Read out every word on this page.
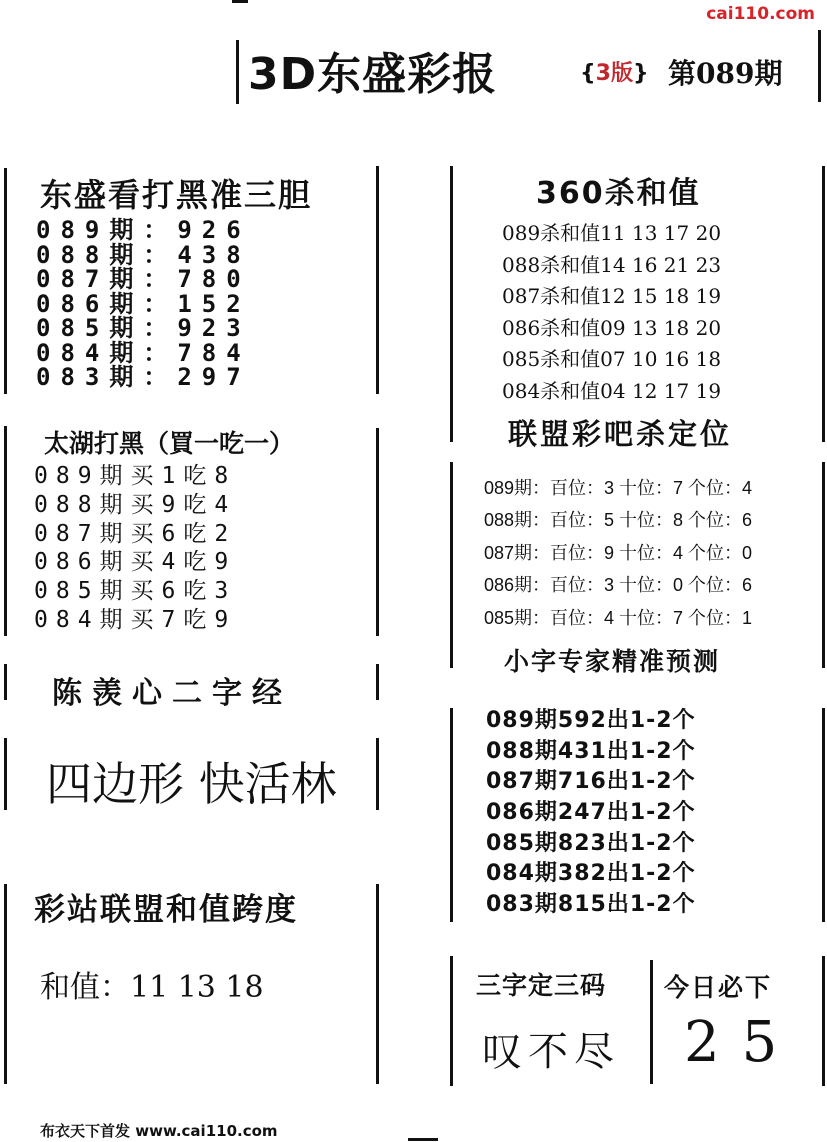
3D东盛彩报	{3版} 第089期
cai110.com
东盛看打黑准三胆
089期：926
088期：438
087期：780
086期：152
085期：923
084期：784
083期：297
太湖打黑（買一吃一）
089期买1吃8
088期买9吃4
087期买6吃2
086期买4吃9
085期买6吃3
084期买7吃9
陈羡心二字经
四边形 快活林
彩站联盟和值跨度
和值：11 13 18
布衣天下首发 www.cai110.com
360杀和值
089杀和值11 13 17 20
088杀和值14 16 21 23
087杀和值12 15 18 19
086杀和值09 13 18 20
085杀和值07 10 16 18
084杀和值04 12 17 19
联盟彩吧杀定位
089期：百位：3 十位：7 个位：4
088期：百位：5 十位：8 个位：6
087期：百位：9 十位：4 个位：0
086期：百位：3 十位：0 个位：6
085期：百位：4 十位：7 个位：1
小字专家精准预测
089期592出1-2个
088期431出1-2个
087期716出1-2个
086期247出1-2个
085期823出1-2个
084期382出1-2个
083期815出1-2个
三字定三码 今日必下
叹不尽 25
